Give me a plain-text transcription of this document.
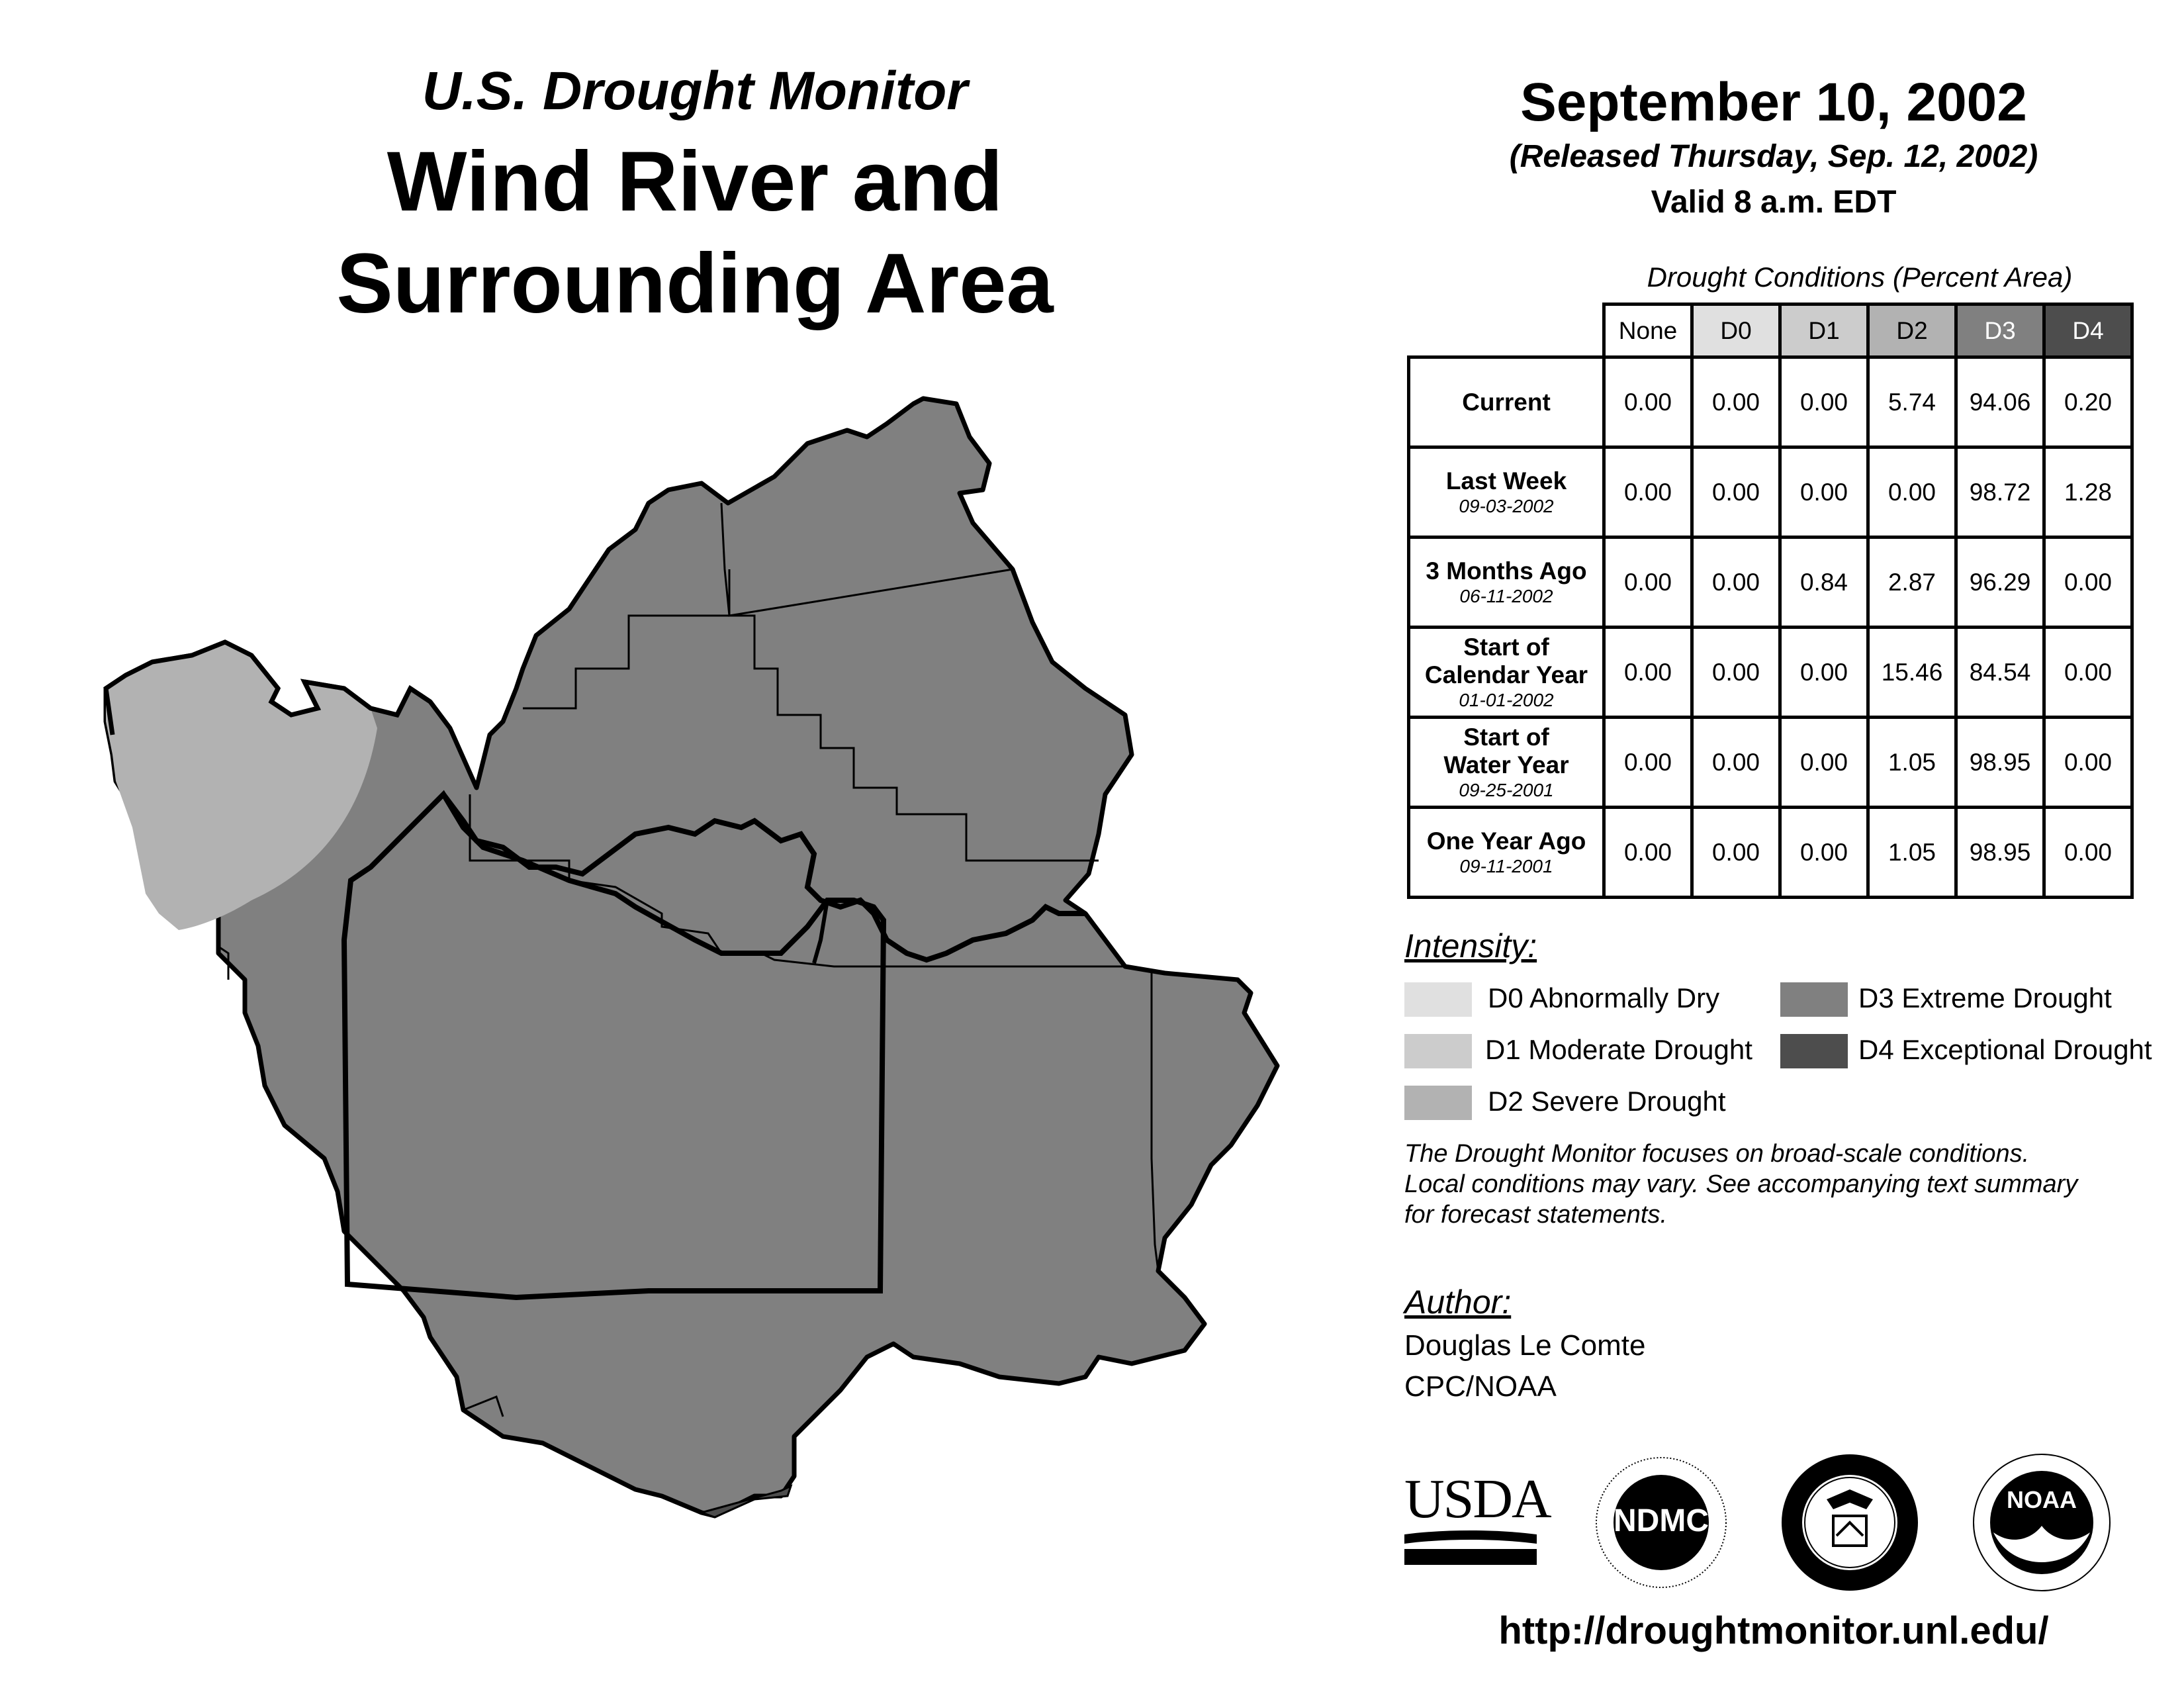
U.S. Drought Monitor
Wind River and
Surrounding Area
September 10, 2002
(Released Thursday, Sep. 12, 2002)
Valid 8 a.m. EDT
Drought Conditions (Percent Area)
	None	D0	D1	D2	D3	D4
Current	0.00	0.00	0.00	5.74	94.06	0.20
Last Week
09-03-2002	0.00	0.00	0.00	0.00	98.72	1.28
3 Months Ago
06-11-2002	0.00	0.00	0.84	2.87	96.29	0.00

Start of
Calendar Year
01-01-2002	0.00	0.00	0.00	15.46	84.54	0.00

Start of
Water Year
09-25-2001	0.00	0.00	0.00	1.05	98.95	0.00
One Year Ago
09-11-2001	0.00	0.00	0.00	1.05	98.95	0.00
Intensity:
D0 Abnormally Dry
D1 Moderate Drought
D2 Severe Drought
D3 Extreme Drought
D4 Exceptional Drought
The Drought Monitor focuses on broad-scale conditions.
Local conditions may vary. See accompanying text summary
for forecast statements.
Author:
Douglas Le Comte
CPC/NOAA
USDA	NDMC
NOAA
http://droughtmonitor.unl.edu/
